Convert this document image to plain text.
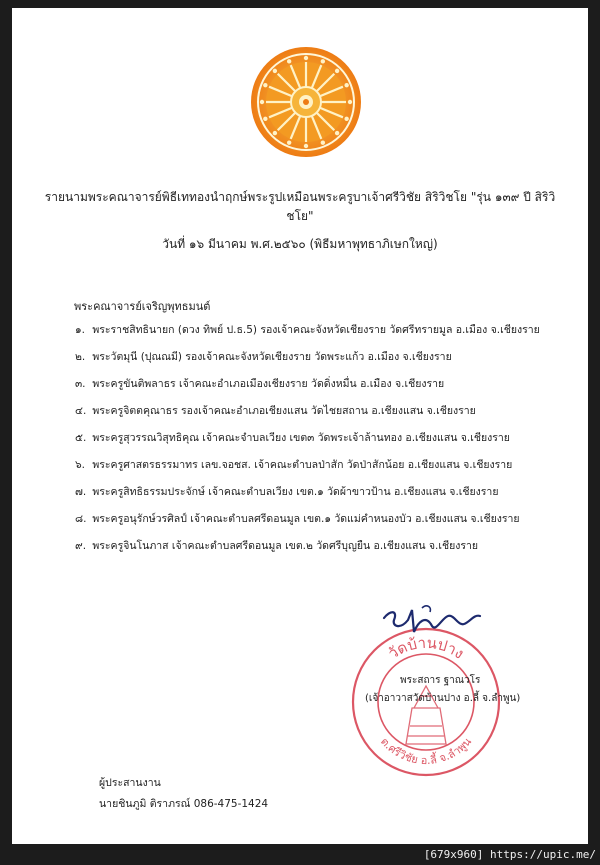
รายนามพระคณาจารย์พิธีเททองนำฤกษ์พระรูปเหมือนพระครูบาเจ้าศรีวิชัย สิริวิชโย "รุ่น ๑๓๙ ปี สิริวิชโย"
วันที่ ๑๖ มีนาคม พ.ศ.๒๕๖๐ (พิธีมหาพุทธาภิเษกใหญ่)
พระคณาจารย์เจริญพุทธมนต์
๑. พระราชสิทธินายก (ดวง ทิพย์ ป.ธ.5) รองเจ้าคณะจังหวัดเชียงราย วัดศรีทรายมูล อ.เมือง จ.เชียงราย
๒. พระวัตมุนี (ปุณณมี) รองเจ้าคณะจังหวัดเชียงราย วัดพระแก้ว อ.เมือง จ.เชียงราย
๓. พระครูขันติพลาธร เจ้าคณะอำเภอเมืองเชียงราย วัดดิ่งหมื่น อ.เมือง จ.เชียงราย
๔. พระครูจิตตคุณาธร รองเจ้าคณะอำเภอเชียงแสน วัดไชยสถาน อ.เชียงแสน จ.เชียงราย
๕. พระครูสุวรรณวิสุทธิคุณ เจ้าคณะจำบลเวียง เขต๓ วัดพระเจ้าล้านทอง อ.เชียงแสน จ.เชียงราย
๖. พระครูศาสตรธรรมาทร เลข.จอชส. เจ้าคณะตำบลป่าสัก วัดป่าสักน้อย อ.เชียงแสน จ.เชียงราย
๗. พระครูสิทธิธรรมประจักษ์ เจ้าคณะตำบลเวียง เขต.๑ วัดผ้าขาวป้าน อ.เชียงแสน จ.เชียงราย
๘. พระครูอนุรักษ์วรศิลป์ เจ้าคณะตำบลศรีดอนมูล เขต.๑ วัดแม่คำหนองบัว อ.เชียงแสน จ.เชียงราย
๙. พระครูจินโนภาส เจ้าคณะตำบลศรีดอนมูล เขต.๒ วัดศรีบุญยืน อ.เชียงแสน จ.เชียงราย
วัดบ้านปาง
ต.ศรีวิชัย อ.ลี้ จ.ลำพูน
พระสถาร ฐาณวโร
(เจ้าอาวาสวัดบ้านปาง อ.ลี้ จ.ลำพูน)
ผู้ประสานงาน
นายชินภูมิ ติราภรณ์ 086-475-1424
[679x960] https://upic.me/
